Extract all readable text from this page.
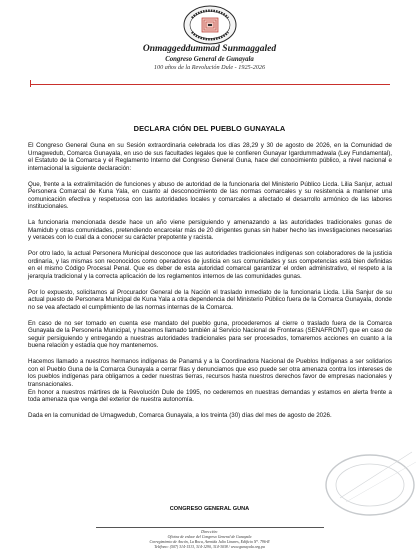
Onmaggeddummad Sunmaggaled
Congreso General de Gunayala
100 años de la Revolución Dule - 1925-2026
DECLARA CIÓN DEL PUEBLO GUNAYALA

El Congreso General Guna en su Sesión extraordinaria celebrada los días 28,29 y 30 de agosto de 2026, en la Comunidad de Urnagwedub, Comarca Gunayala, en uso de sus facultades legales que le confieren Gunayar Igardummadwala (Ley Fundamental), el Estatuto de la Comarca y el Reglamento Interno del Congreso General Guna, hace del conocimiento público, a nivel nacional e internacional la siguiente declaración:

Que, frente a la extralimitación de funciones y abuso de autoridad de la funcionaria del Ministerio Público Licda. Lilia Sanjur, actual Personera Comarcal de Kuna Yala, en cuanto al desconocimiento de las normas comarcales y su resistencia a mantener una comunicación efectiva y respetuosa con las autoridades locales y comarcales a afectado el desarrollo armónico de las labores institucionales.

La funcionaria mencionada desde hace un año viene persiguiendo y amenazando a las autoridades tradicionales gunas de Mamidub y otras comunidades, pretendiendo encarcelar más de 20 dirigentes gunas sin haber hecho las investigaciones necesarias y veraces con lo cual da a conocer su carácter prepotente y racista.

Por otro lado, la actual Personera Municipal desconoce que las autoridades tradicionales indígenas son colaboradores de la justicia ordinaria, y las mismas son reconocidos como operadores de justicia en sus comunidades y sus competencias está bien definidas en el mismo Código Procesal Penal. Que es deber de esta autoridad comarcal garantizar el orden administrativo, el respeto a la jerarquía tradicional y la correcta aplicación de los reglamentos internos de las comunidades gunas.

Por lo expuesto, solicitamos al Procurador General de la Nación el traslado inmediato de la funcionaria Licda. Lilia Sanjur de su actual puesto de Personera Municipal de Kuna Yala a otra dependencia del Ministerio Público fuera de la Comarca Gunayala, donde no se vea afectado el cumplimiento de las normas internas de la Comarca.

En caso de no ser tomado en cuenta ese mandato del pueblo guna, procederemos al cierre o traslado fuera de la Comarca Gunayala de la Personería Municipal, y hacemos llamado también al Servicio Nacional de Fronteras (SENAFRONT) que en caso de seguir persiguiendo y entregando a nuestras autoridades tradicionales para ser procesados, tomaremos acciones en cuanto a la buena relación y estadía que hoy mantenemos.

Hacemos llamado a nuestros hermanos indígenas de Panamá y a la Coordinadora Nacional de Pueblos Indígenas a ser solidarios con el Pueblo Guna de la Comarca Gunayala a cerrar filas y denunciamos que eso puede ser otra amenaza contra los intereses de los pueblos indígenas para obligarnos a ceder nuestras tierras, recursos hasta nuestros derechos favor de empresas nacionales y transnacionales.
En honor a nuestros mártires de la Revolución Dule de 1995, no cederemos en nuestras demandas y estamos en alerta frente a toda amenaza que venga del exterior de nuestra autonomía.

Dada en la comunidad de Urnagwedub, Comarca Gunayala, a los treinta (30) días del mes de agosto de 2026.

CONGRESO GENERAL GUNA
Dirección:
Oficina de enlace del Congreso General de Gunayala
Corregimiento de Ancón, La Boca, Avenida Julio Linares, Edificio N°. 796-R
Teléfono: (507) 314-1513, 314-1290, 314-3038 / www.gunayala.org.pa
